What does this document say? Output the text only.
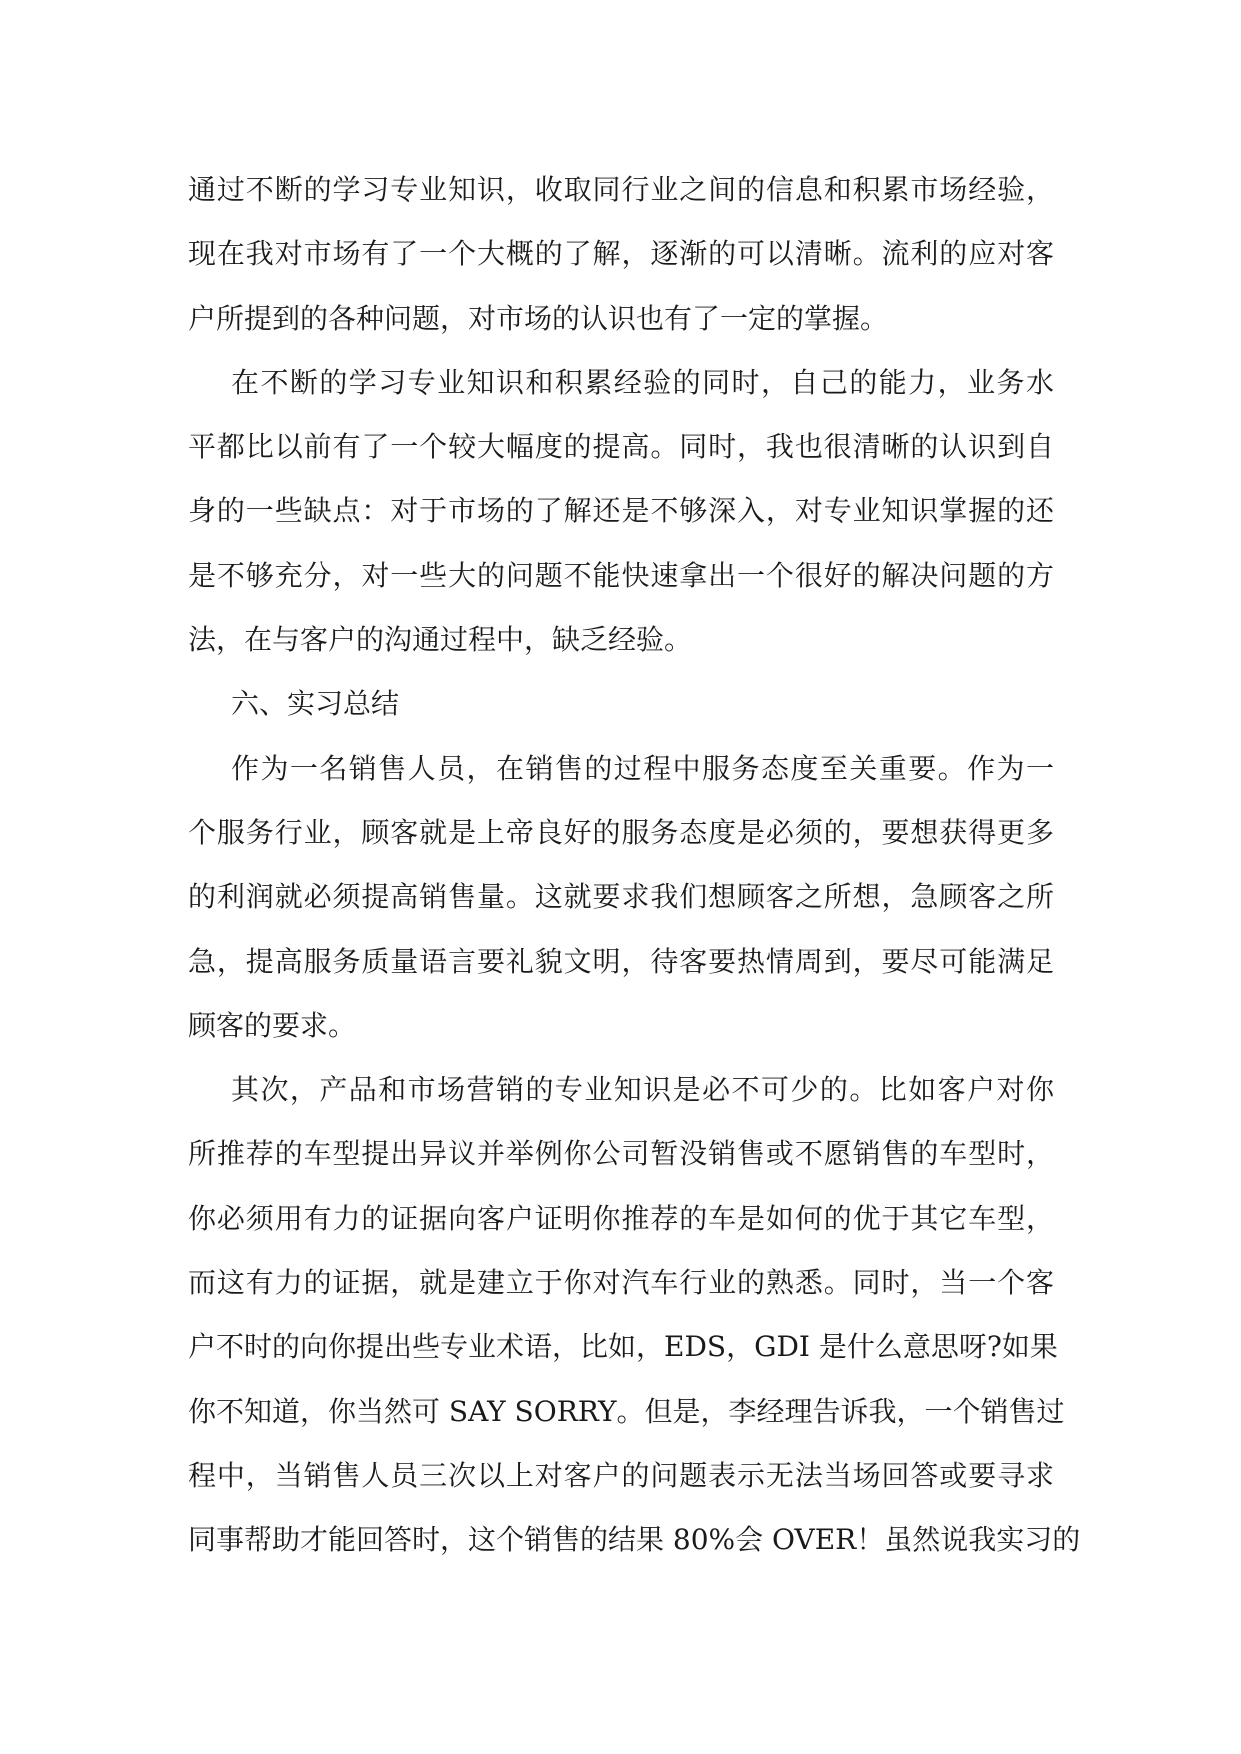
通过不断的学习专业知识，收取同行业之间的信息和积累市场经验，
现在我对市场有了一个大概的了解，逐渐的可以清晰。流利的应对客
户所提到的各种问题，对市场的认识也有了一定的掌握。
在不断的学习专业知识和积累经验的同时，自己的能力，业务水
平都比以前有了一个较大幅度的提高。同时，我也很清晰的认识到自
身的一些缺点：对于市场的了解还是不够深入，对专业知识掌握的还
是不够充分，对一些大的问题不能快速拿出一个很好的解决问题的方
法，在与客户的沟通过程中，缺乏经验。
六、实习总结
作为一名销售人员，在销售的过程中服务态度至关重要。作为一
个服务行业，顾客就是上帝良好的服务态度是必须的，要想获得更多
的利润就必须提高销售量。这就要求我们想顾客之所想，急顾客之所
急，提高服务质量语言要礼貌文明，待客要热情周到，要尽可能满足
顾客的要求。
其次，产品和市场营销的专业知识是必不可少的。比如客户对你
所推荐的车型提出异议并举例你公司暂没销售或不愿销售的车型时，
你必须用有力的证据向客户证明你推荐的车是如何的优于其它车型，
而这有力的证据，就是建立于你对汽车行业的熟悉。同时，当一个客
户不时的向你提出些专业术语，比如，EDS，GDI 是什么意思呀?如果
你不知道，你当然可 SAY SORRY。但是，李经理告诉我，一个销售过
程中，当销售人员三次以上对客户的问题表示无法当场回答或要寻求
同事帮助才能回答时，这个销售的结果 80%会 OVER！虽然说我实习的
